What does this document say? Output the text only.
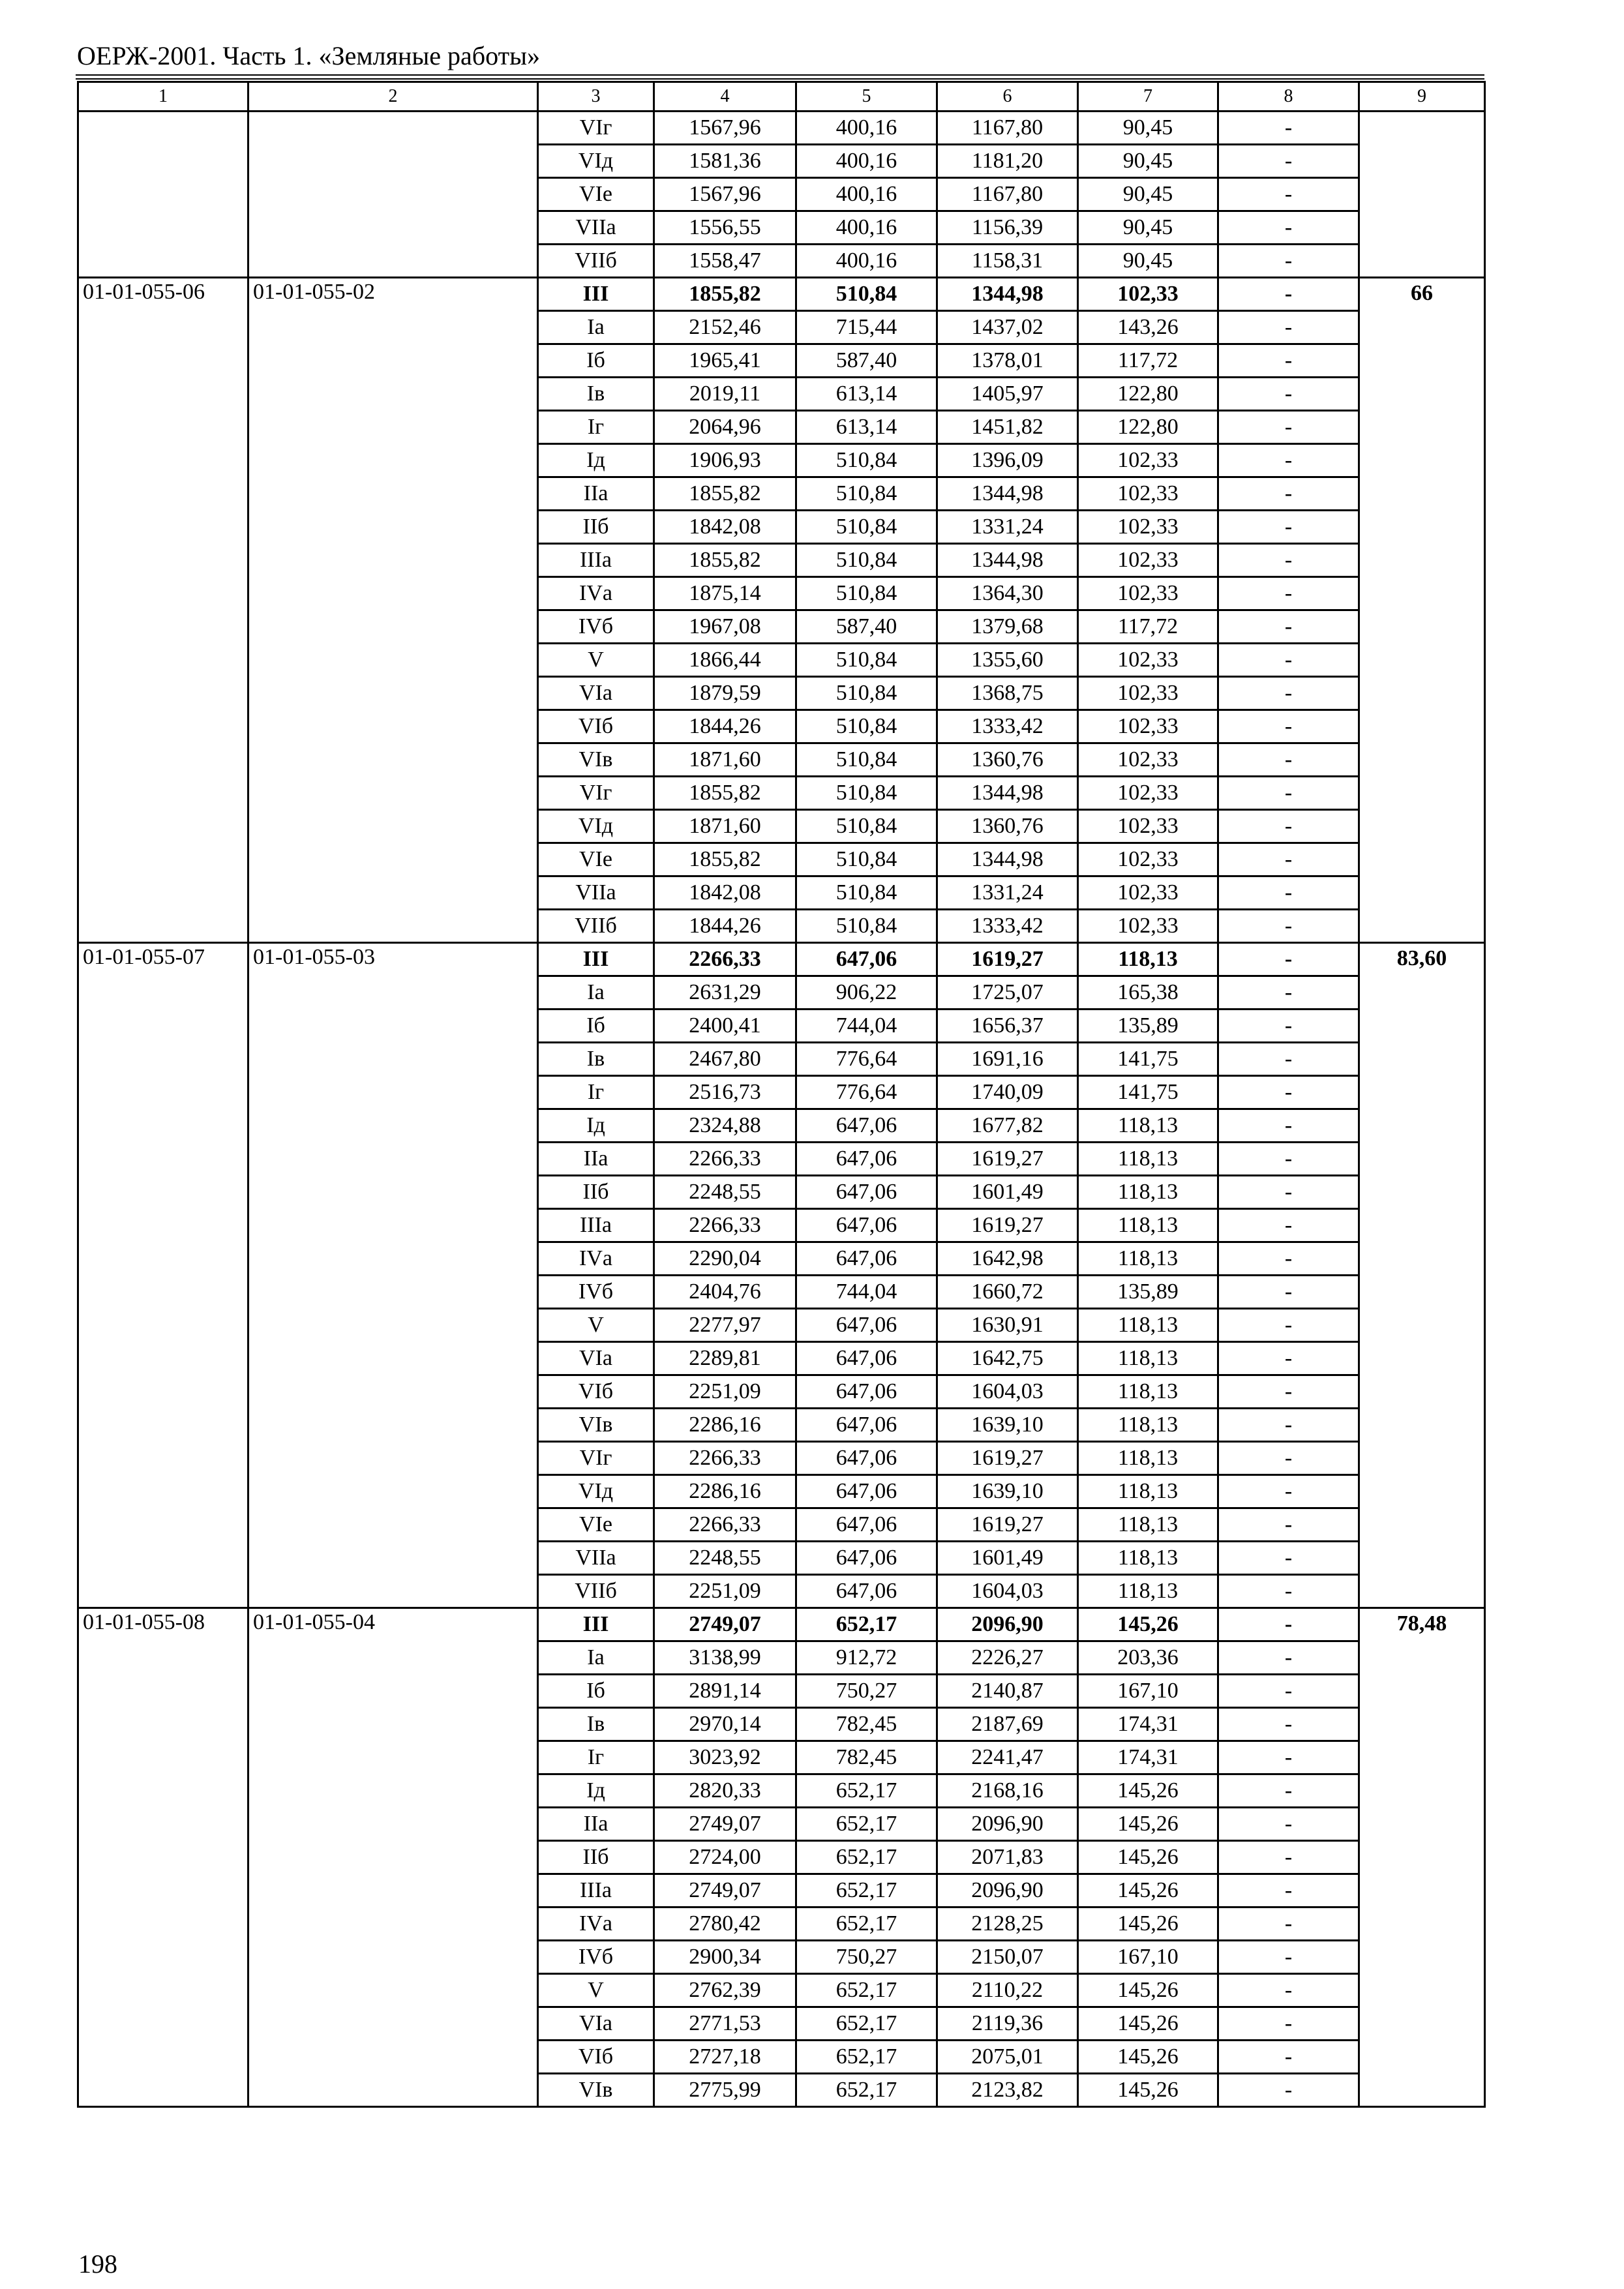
ОЕРЖ-2001. Часть 1. «Земляные работы»
1	2	3	4	5	6	7	8	9
		VIг	1567,96	400,16	1167,80	90,45	-	
		VIд	1581,36	400,16	1181,20	90,45	-	
		VIе	1567,96	400,16	1167,80	90,45	-	
		VIIа	1556,55	400,16	1156,39	90,45	-	
		VIIб	1558,47	400,16	1158,31	90,45	-	
01-01-055-06	01-01-055-02	III	1855,82	510,84	1344,98	102,33	-	66
		Iа	2152,46	715,44	1437,02	143,26	-	
		Iб	1965,41	587,40	1378,01	117,72	-	
		Iв	2019,11	613,14	1405,97	122,80	-	
		Iг	2064,96	613,14	1451,82	122,80	-	
		Iд	1906,93	510,84	1396,09	102,33	-	
		IIа	1855,82	510,84	1344,98	102,33	-	
		IIб	1842,08	510,84	1331,24	102,33	-	
		IIIа	1855,82	510,84	1344,98	102,33	-	
		IVа	1875,14	510,84	1364,30	102,33	-	
		IVб	1967,08	587,40	1379,68	117,72	-	
		V	1866,44	510,84	1355,60	102,33	-	
		VIа	1879,59	510,84	1368,75	102,33	-	
		VIб	1844,26	510,84	1333,42	102,33	-	
		VIв	1871,60	510,84	1360,76	102,33	-	
		VIг	1855,82	510,84	1344,98	102,33	-	
		VIд	1871,60	510,84	1360,76	102,33	-	
		VIе	1855,82	510,84	1344,98	102,33	-	
		VIIа	1842,08	510,84	1331,24	102,33	-	
		VIIб	1844,26	510,84	1333,42	102,33	-	
01-01-055-07	01-01-055-03	III	2266,33	647,06	1619,27	118,13	-	83,60
		Iа	2631,29	906,22	1725,07	165,38	-	
		Iб	2400,41	744,04	1656,37	135,89	-	
		Iв	2467,80	776,64	1691,16	141,75	-	
		Iг	2516,73	776,64	1740,09	141,75	-	
		Iд	2324,88	647,06	1677,82	118,13	-	
		IIа	2266,33	647,06	1619,27	118,13	-	
		IIб	2248,55	647,06	1601,49	118,13	-	
		IIIа	2266,33	647,06	1619,27	118,13	-	
		IVа	2290,04	647,06	1642,98	118,13	-	
		IVб	2404,76	744,04	1660,72	135,89	-	
		V	2277,97	647,06	1630,91	118,13	-	
		VIа	2289,81	647,06	1642,75	118,13	-	
		VIб	2251,09	647,06	1604,03	118,13	-	
		VIв	2286,16	647,06	1639,10	118,13	-	
		VIг	2266,33	647,06	1619,27	118,13	-	
		VIд	2286,16	647,06	1639,10	118,13	-	
		VIе	2266,33	647,06	1619,27	118,13	-	
		VIIа	2248,55	647,06	1601,49	118,13	-	
		VIIб	2251,09	647,06	1604,03	118,13	-	
01-01-055-08	01-01-055-04	III	2749,07	652,17	2096,90	145,26	-	78,48
		Iа	3138,99	912,72	2226,27	203,36	-	
		Iб	2891,14	750,27	2140,87	167,10	-	
		Iв	2970,14	782,45	2187,69	174,31	-	
		Iг	3023,92	782,45	2241,47	174,31	-	
		Iд	2820,33	652,17	2168,16	145,26	-	
		IIа	2749,07	652,17	2096,90	145,26	-	
		IIб	2724,00	652,17	2071,83	145,26	-	
		IIIа	2749,07	652,17	2096,90	145,26	-	
		IVа	2780,42	652,17	2128,25	145,26	-	
		IVб	2900,34	750,27	2150,07	167,10	-	
		V	2762,39	652,17	2110,22	145,26	-	
		VIа	2771,53	652,17	2119,36	145,26	-	
		VIб	2727,18	652,17	2075,01	145,26	-	
		VIв	2775,99	652,17	2123,82	145,26	-	
198
